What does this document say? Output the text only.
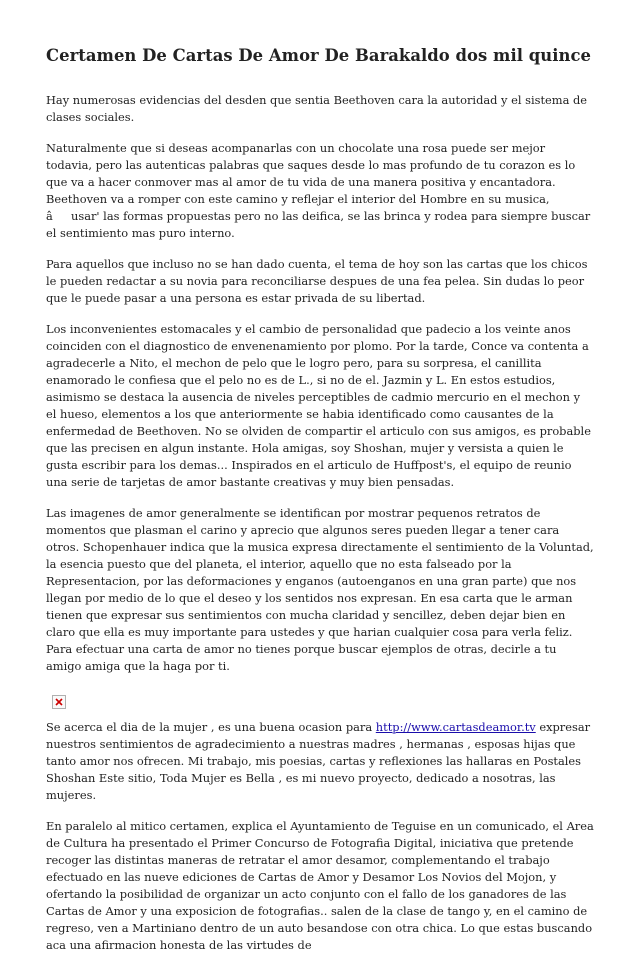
Certamen De Cartas De Amor De Barakaldo dos mil quince

Hay numerosas evidencias del desden que sentia Beethoven cara la autoridad y el sistema de clases sociales.

Naturalmente que si deseas acompanarlas con un chocolate una rosa puede ser mejor todavia, pero las autenticas palabras que saques desde lo mas profundo de tu corazon es lo que va a hacer conmover mas al amor de tu vida de una manera positiva y encantadora. Beethoven va a romper con este camino y reflejar el interior del Hombre en su musica, âusar' las formas propuestas pero no las deifica, se las brinca y rodea para siempre buscar el sentimiento mas puro interno.

Para aquellos que incluso no se han dado cuenta, el tema de hoy son las cartas que los chicos le pueden redactar a su novia para reconciliarse despues de una fea pelea. Sin dudas lo peor que le puede pasar a una persona es estar privada de su libertad.

Los inconvenientes estomacales y el cambio de personalidad que padecio a los veinte anos coinciden con el diagnostico de envenenamiento por plomo. Por la tarde, Conce va contenta a agradecerle a Nito, el mechon de pelo que le logro pero, para su sorpresa, el canillita enamorado le confiesa que el pelo no es de L., si no de el. Jazmin y L. En estos estudios, asimismo se destaca la ausencia de niveles perceptibles de cadmio mercurio en el mechon y el hueso, elementos a los que anteriormente se habia identificado como causantes de la enfermedad de Beethoven. No se olviden de compartir el articulo con sus amigos, es probable que las precisen en algun instante. Hola amigas, soy Shoshan, mujer y versista a quien le gusta escribir para los demas... Inspirados en el articulo de Huffpost's, el equipo de reunio una serie de tarjetas de amor bastante creativas y muy bien pensadas.

Las imagenes de amor generalmente se identifican por mostrar pequenos retratos de momentos que plasman el carino y aprecio que algunos seres pueden llegar a tener cara otros. Schopenhauer indica que la musica expresa directamente el sentimiento de la Voluntad, la esencia puesto que del planeta, el interior, aquello que no esta falseado por la Representacion, por las deformaciones y enganos (autoenganos en una gran parte) que nos llegan por medio de lo que el deseo y los sentidos nos expresan. En esa carta que le arman tienen que expresar sus sentimientos con mucha claridad y sencillez, deben dejar bien en claro que ella es muy importante para ustedes y que harian cualquier cosa para verla feliz. Para efectuar una carta de amor no tienes porque buscar ejemplos de otras, decirle a tu amigo amiga que la haga por ti.

Se acerca el dia de la mujer , es una buena ocasion para http://www.cartasdeamor.tv expresar nuestros sentimientos de agradecimiento a nuestras madres , hermanas , esposas hijas que tanto amor nos ofrecen. Mi trabajo, mis poesias, cartas y reflexiones las hallaras en Postales Shoshan Este sitio, Toda Mujer es Bella , es mi nuevo proyecto, dedicado a nosotras, las mujeres.

En paralelo al mitico certamen, explica el Ayuntamiento de Teguise en un comunicado, el Area de Cultura ha presentado el Primer Concurso de Fotografia Digital, iniciativa que pretende recoger las distintas maneras de retratar el amor desamor, complementando el trabajo efectuado en las nueve ediciones de Cartas de Amor y Desamor Los Novios del Mojon, y ofertando la posibilidad de organizar un acto conjunto con el fallo de los ganadores de las Cartas de Amor y una exposicion de fotografias.. salen de la clase de tango y, en el camino de regreso, ven a Martiniano dentro de un auto besandose con otra chica. Lo que estas buscando aca una afirmacion honesta de las virtudes de
